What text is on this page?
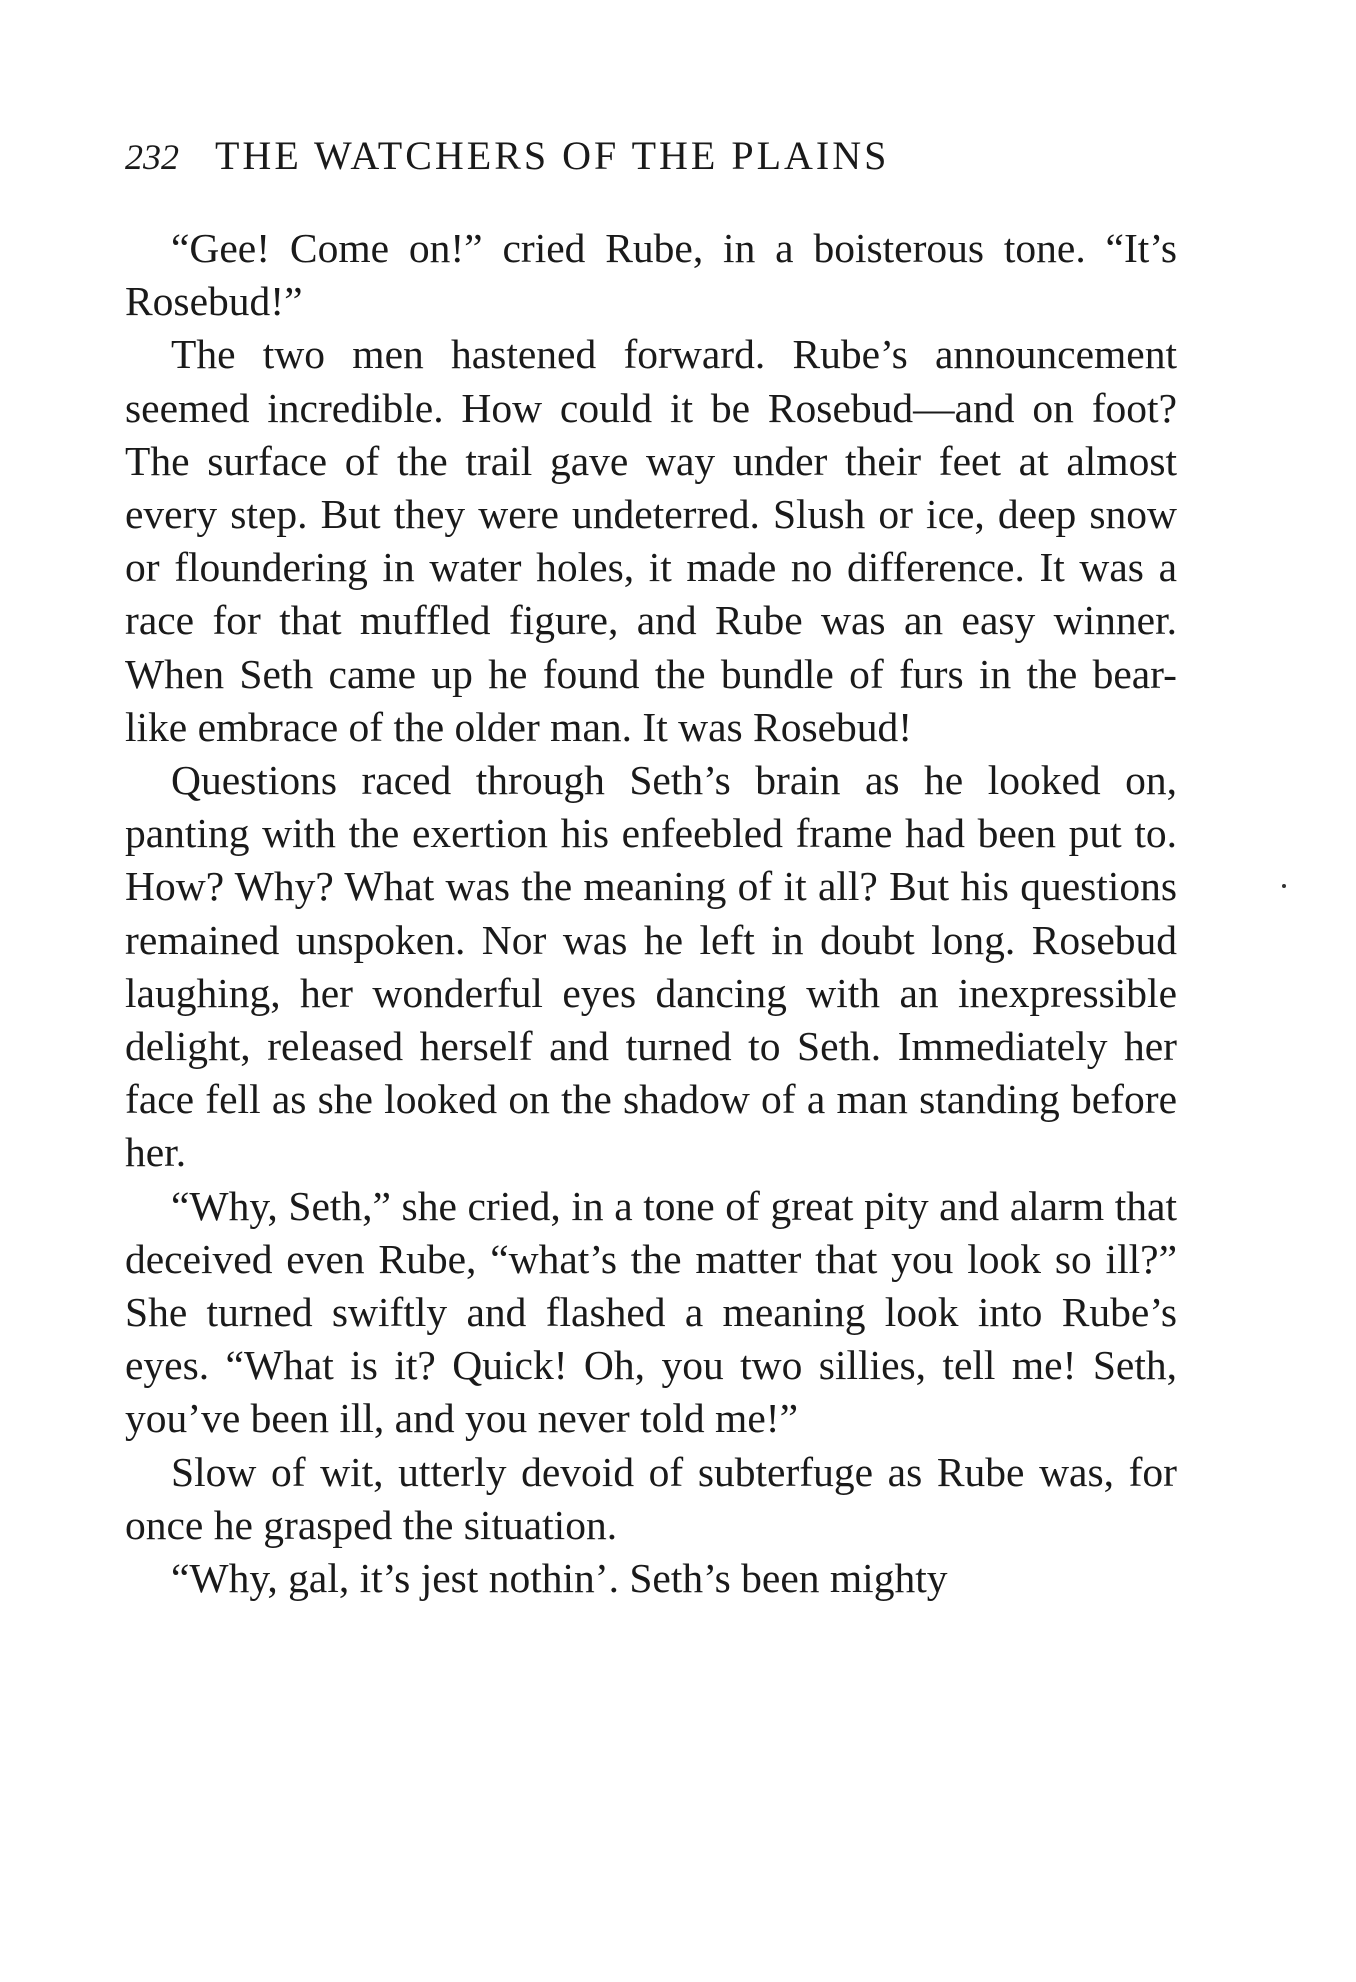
232 THE WATCHERS OF THE PLAINS

“Gee! Come on!” cried Rube, in a boisterous tone. “It’s Rosebud!”

The two men hastened forward. Rube’s announcement seemed incredible. How could it be Rosebud—and on foot? The surface of the trail gave way under their feet at almost every step. But they were undeterred. Slush or ice, deep snow or floundering in water holes, it made no difference. It was a race for that muffled figure, and Rube was an easy winner. When Seth came up he found the bundle of furs in the bear-like embrace of the older man. It was Rosebud!

Questions raced through Seth’s brain as he looked on, panting with the exertion his enfeebled frame had been put to. How? Why? What was the meaning of it all? But his questions remained unspoken. Nor was he left in doubt long. Rosebud laughing, her wonderful eyes dancing with an inexpressible delight, released herself and turned to Seth. Immediately her face fell as she looked on the shadow of a man standing before her.

“Why, Seth,” she cried, in a tone of great pity and alarm that deceived even Rube, “what’s the matter that you look so ill?” She turned swiftly and flashed a meaning look into Rube’s eyes. “What is it? Quick! Oh, you two sillies, tell me! Seth, you’ve been ill, and you never told me!”

Slow of wit, utterly devoid of subterfuge as Rube was, for once he grasped the situation.

“Why, gal, it’s jest nothin’. Seth’s been mighty
